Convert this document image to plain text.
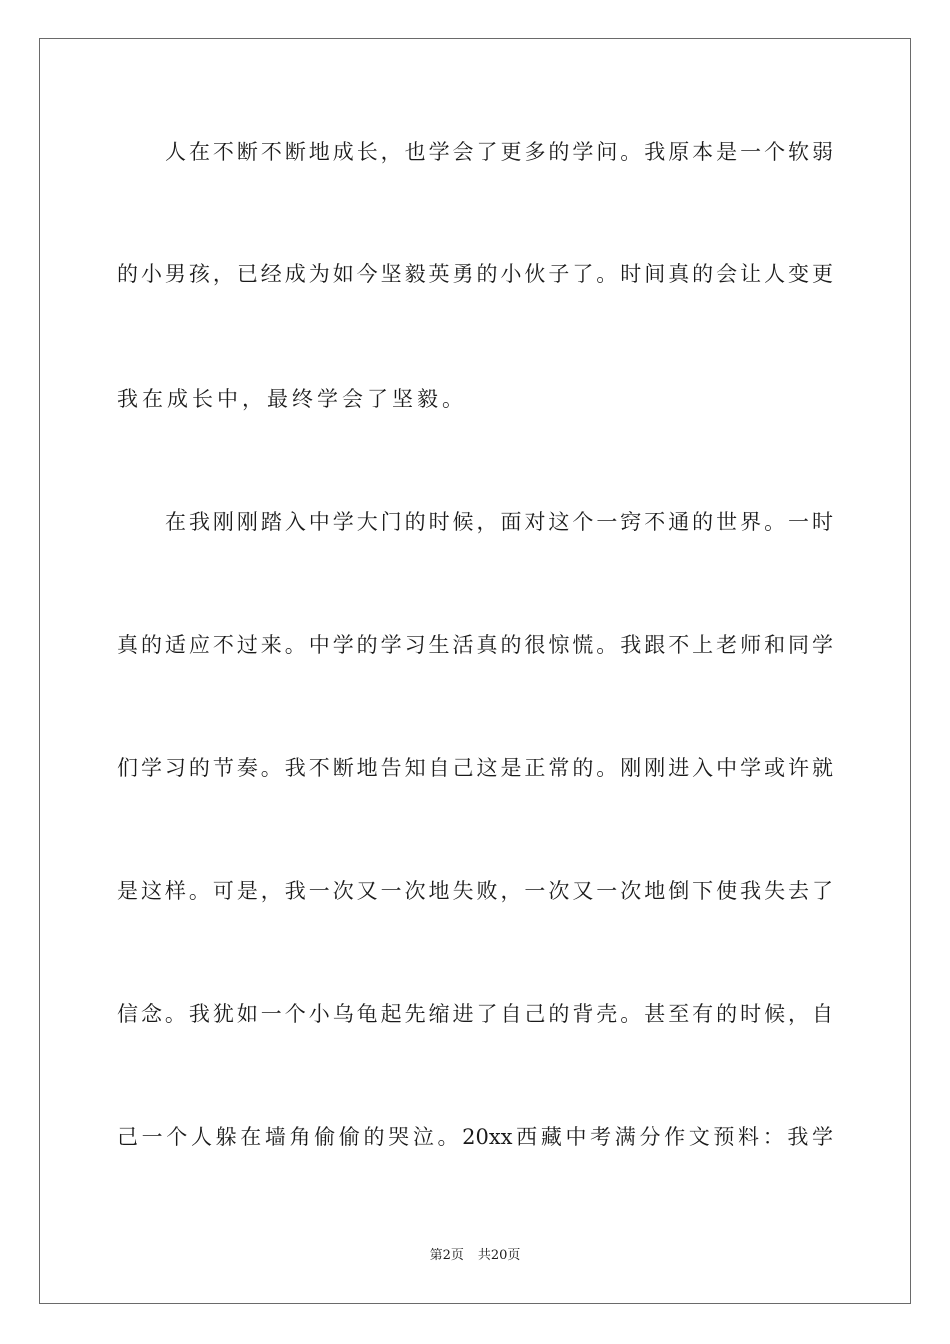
人在不断不断地成长，也学会了更多的学问。我原本是一个软弱
的小男孩，已经成为如今坚毅英勇的小伙子了。时间真的会让人变更
我在成长中，最终学会了坚毅。
在我刚刚踏入中学大门的时候，面对这个一窍不通的世界。一时
真的适应不过来。中学的学习生活真的很惊慌。我跟不上老师和同学
们学习的节奏。我不断地告知自己这是正常的。刚刚进入中学或许就
是这样。可是，我一次又一次地失败，一次又一次地倒下使我失去了
信念。我犹如一个小乌龟起先缩进了自己的背壳。甚至有的时候，自
己一个人躲在墙角偷偷的哭泣。20xx西藏中考满分作文预料：我学
第2页 共20页
